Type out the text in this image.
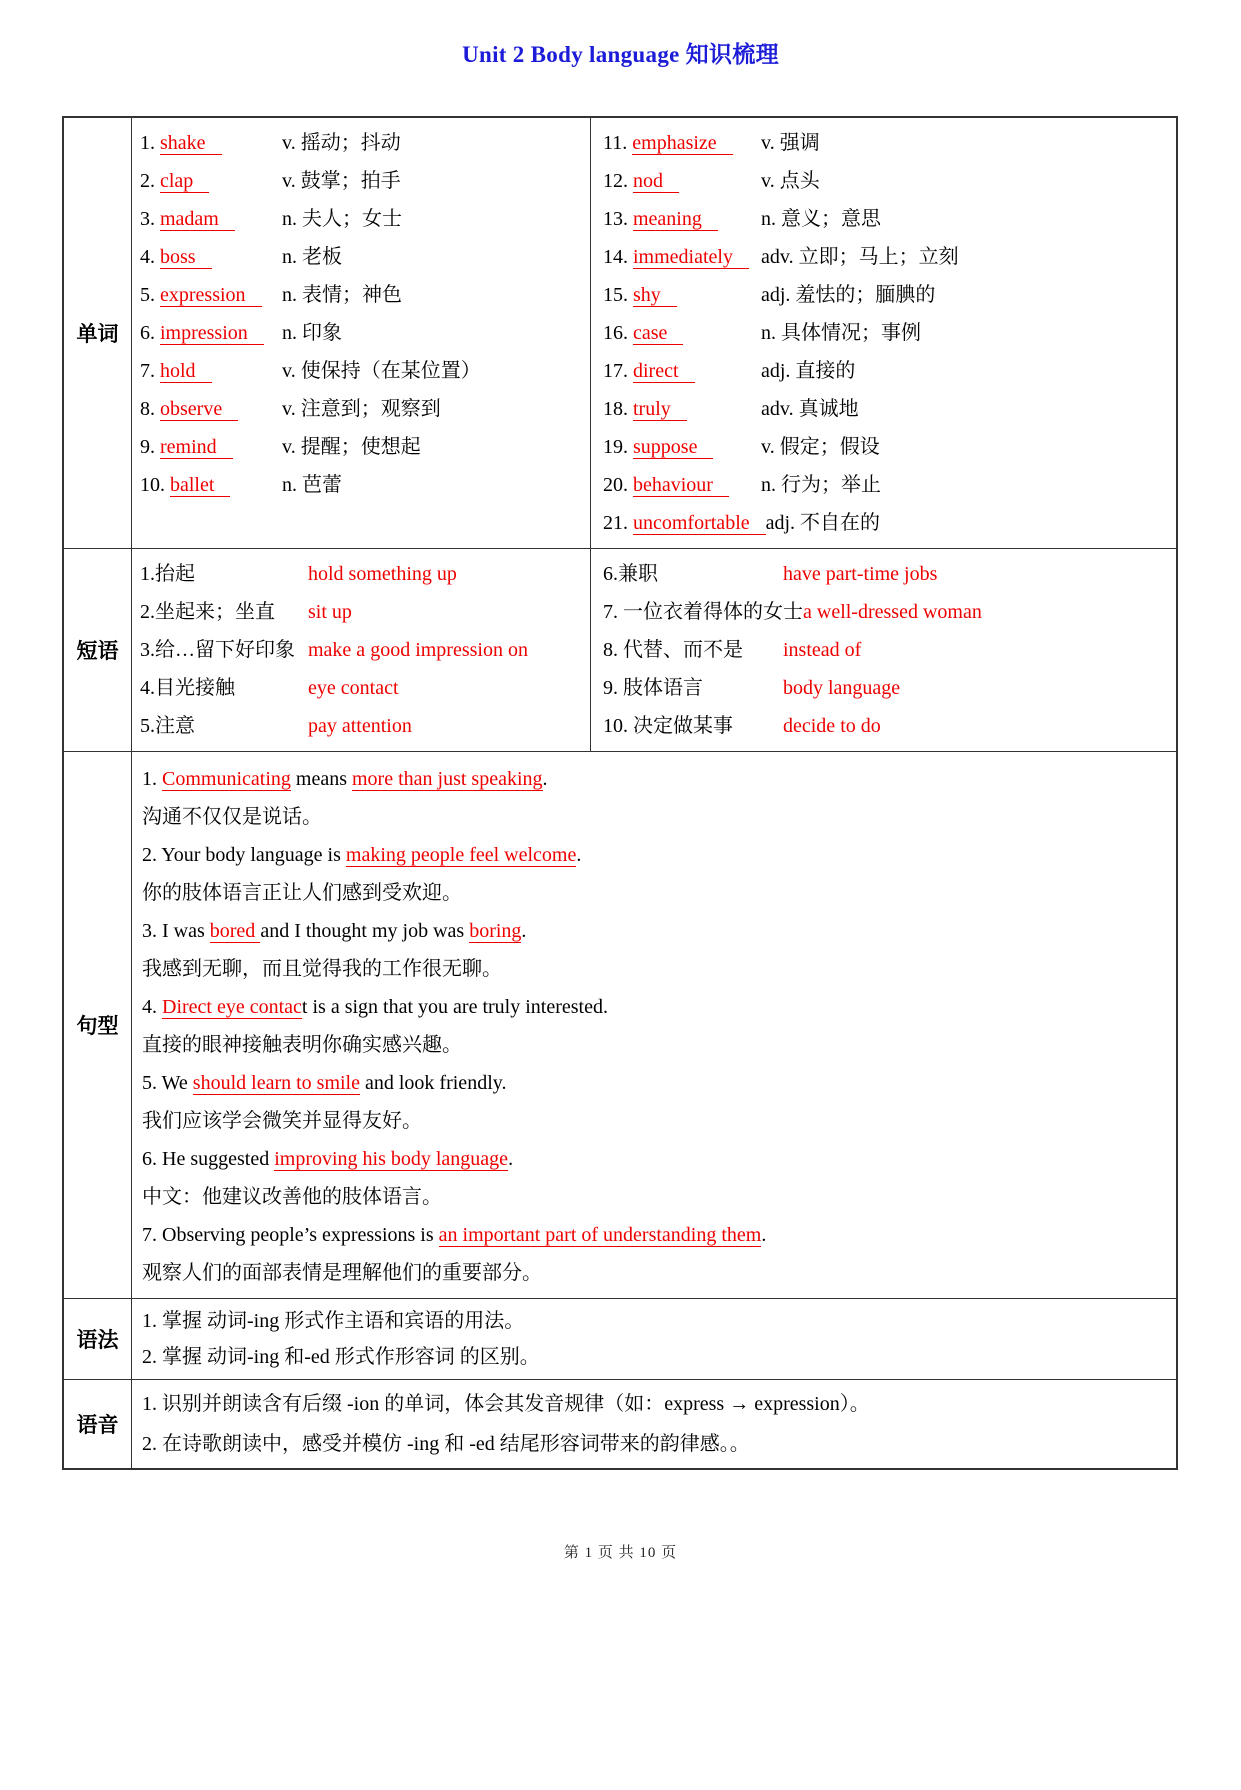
Unit 2 Body language 知识梳理
单词
1. shake	v. 摇动；抖动
2. clap	v. 鼓掌；拍手
3. madam	n. 夫人；女士
4. boss	n. 老板
5. expression n. 表情；神色
6. impression n. 印象
7. hold	v. 使保持（在某位置）
8. observe	v. 注意到；观察到
9. remind	v. 提醒；使想起
10. ballet	n. 芭蕾
11. emphasize v. 强调
12. nod	v. 点头
13. meaning	n. 意义；意思
14. immediately adv. 立即；马上；立刻
15. shy	adj. 羞怯的；腼腆的
16. case	n. 具体情况；事例
17. direct	adj. 直接的
18. truly	adv. 真诚地
19. suppose	v. 假定；假设
20. behaviour n. 行为；举止
21. uncomfortable adj. 不自在的
短语
1.抬起	hold something up
2.坐起来；坐直 sit up
3.给…留下好印象 make a good impression on
4.目光接触	eye contact
5.注意	pay attention
6.兼职	have part-time jobs
7. 一位衣着得体的女士a well-dressed woman
8. 代替、而不是 instead of
9. 肢体语言	body language
10. 决定做某事	decide to do
句型
1. Communicating means more than just speaking.
沟通不仅仅是说话。
2. Your body language is making people feel welcome.
你的肢体语言正让人们感到受欢迎。
3. I was bored and I thought my job was boring.
我感到无聊，而且觉得我的工作很无聊。
4. Direct eye contact is a sign that you are truly interested.
直接的眼神接触表明你确实感兴趣。
5. We should learn to smile and look friendly.
我们应该学会微笑并显得友好。
6. He suggested improving his body language.
中文：他建议改善他的肢体语言。
7. Observing people’s expressions is an important part of understanding them.
观察人们的面部表情是理解他们的重要部分。
语法
1. 掌握 动词-ing 形式作主语和宾语的用法。
2. 掌握 动词-ing 和-ed 形式作形容词 的区别。
语音
1. 识别并朗读含有后缀 -ion 的单词，体会其发音规律（如：express → expression）。
2. 在诗歌朗读中，感受并模仿 -ing 和 -ed 结尾形容词带来的韵律感。。
第 1 页 共 10 页
